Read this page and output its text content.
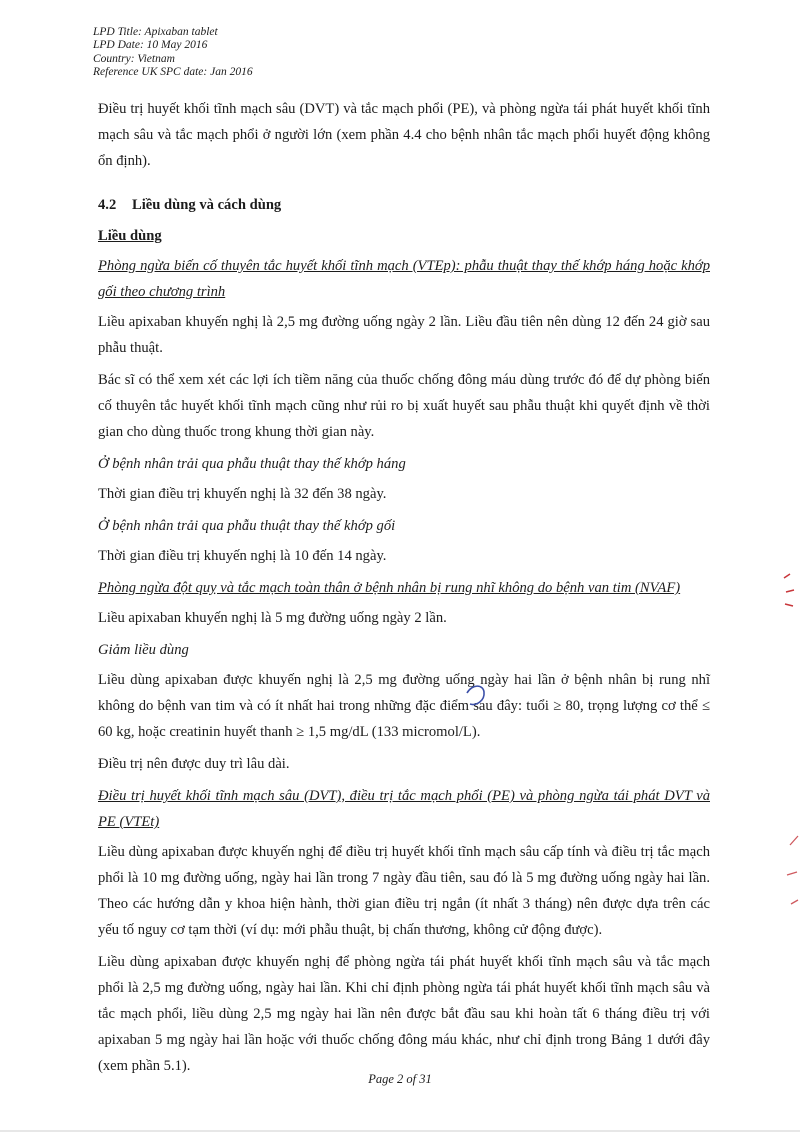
LPD Title: Apixaban tablet
LPD Date: 10 May 2016
Country: Vietnam
Reference UK SPC date: Jan 2016

Điều trị huyết khối tĩnh mạch sâu (DVT) và tắc mạch phổi (PE), và phòng ngừa tái phát huyết khối tĩnh mạch sâu và tắc mạch phổi ở người lớn (xem phần 4.4 cho bệnh nhân tắc mạch phổi huyết động không ổn định).

4.2 Liều dùng và cách dùng
Liều dùng
Phòng ngừa biến cố thuyên tắc huyết khối tĩnh mạch (VTEp): phẫu thuật thay thế khớp háng hoặc khớp gối theo chương trình

Liều apixaban khuyến nghị là 2,5 mg đường uống ngày 2 lần. Liều đầu tiên nên dùng 12 đến 24 giờ sau phẫu thuật.

Bác sĩ có thể xem xét các lợi ích tiềm năng của thuốc chống đông máu dùng trước đó để dự phòng biến cố thuyên tắc huyết khối tĩnh mạch cũng như rủi ro bị xuất huyết sau phẫu thuật khi quyết định về thời gian cho dùng thuốc trong khung thời gian này.

Ở bệnh nhân trải qua phẫu thuật thay thế khớp háng

Thời gian điều trị khuyến nghị là 32 đến 38 ngày.

Ở bệnh nhân trải qua phẫu thuật thay thế khớp gối

Thời gian điều trị khuyến nghị là 10 đến 14 ngày.

Phòng ngừa đột quỵ và tắc mạch toàn thân ở bệnh nhân bị rung nhĩ không do bệnh van tim (NVAF)

Liều apixaban khuyến nghị là 5 mg đường uống ngày 2 lần.

Giảm liều dùng

Liều dùng apixaban được khuyến nghị là 2,5 mg đường uống ngày hai lần ở bệnh nhân bị rung nhĩ không do bệnh van tim và có ít nhất hai trong những đặc điểm sau đây: tuổi ≥ 80, trọng lượng cơ thể ≤ 60 kg, hoặc creatinin huyết thanh ≥ 1,5 mg/dL (133 micromol/L).

Điều trị nên được duy trì lâu dài.

Điều trị huyết khối tĩnh mạch sâu (DVT), điều trị tắc mạch phổi (PE) và phòng ngừa tái phát DVT và PE (VTEt)

Liều dùng apixaban được khuyến nghị để điều trị huyết khối tĩnh mạch sâu cấp tính và điều trị tắc mạch phổi là 10 mg đường uống, ngày hai lần trong 7 ngày đầu tiên, sau đó là 5 mg đường uống ngày hai lần. Theo các hướng dẫn y khoa hiện hành, thời gian điều trị ngắn (ít nhất 3 tháng) nên được dựa trên các yếu tố nguy cơ tạm thời (ví dụ: mới phẫu thuật, bị chấn thương, không cử động được).

Liều dùng apixaban được khuyến nghị để phòng ngừa tái phát huyết khối tĩnh mạch sâu và tắc mạch phổi là 2,5 mg đường uống, ngày hai lần. Khi chỉ định phòng ngừa tái phát huyết khối tĩnh mạch sâu và tắc mạch phổi, liều dùng 2,5 mg ngày hai lần nên được bắt đầu sau khi hoàn tất 6 tháng điều trị với apixaban 5 mg ngày hai lần hoặc với thuốc chống đông máu khác, như chỉ định trong Bảng 1 dưới đây (xem phần 5.1).

Page 2 of 31
